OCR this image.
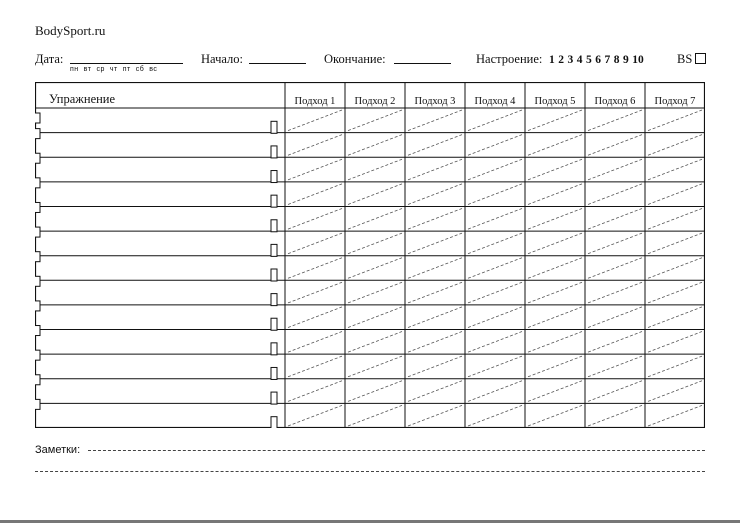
BodySport.ru
Дата:
пн вт ср чт пт сб вс
Начало:	Окончание:	Настроение: 1 2 3 4 5 6 7 8 9 10	BS
Упражнение	Подход 1 Подход 2 Подход 3 Подход 4 Подход 5 Подход 6 Подход 7
Заметки:
